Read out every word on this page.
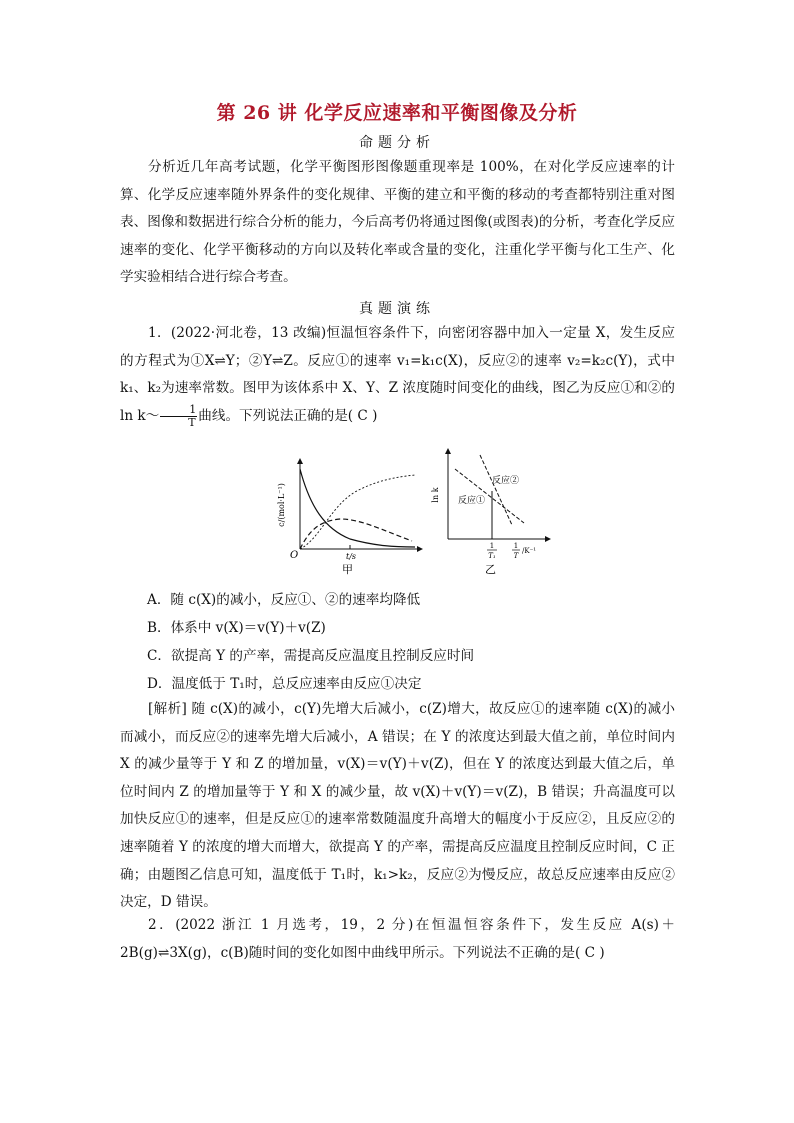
第 26 讲 化学反应速率和平衡图像及分析
命题分析
分析近几年高考试题，化学平衡图形图像题重现率是 100%，在对化学反应速率的计算、化学反应速率随外界条件的变化规律、平衡的建立和平衡的移动的考查都特别注重对图表、图像和数据进行综合分析的能力，今后高考仍将通过图像(或图表)的分析，考查化学反应速率的变化、化学平衡移动的方向以及转化率或含量的变化，注重化学平衡与化工生产、化学实验相结合进行综合考查。
真题演练
1．(2022·河北卷，13 改编)恒温恒容条件下，向密闭容器中加入一定量 X，发生反应的方程式为①X⇌Y；②Y⇌Z。反应①的速率 v₁=k₁c(X)，反应②的速率 v₂=k₂c(Y)，式中 k₁、k₂为速率常数。图甲为该体系中 X、Y、Z 浓度随时间变化的曲线，图乙为反应①和②的 ln k～ $\frac{1}{T}$ 曲线。下列说法正确的是( C )
c/(mol·L⁻¹)
O	t/s
甲
ln k
反应②
反应①
1
T₁
1
T
/K⁻¹
乙
A．随 c(X)的减小，反应①、②的速率均降低
B．体系中 v(X)＝v(Y)＋v(Z)
C．欲提高 Y 的产率，需提高反应温度且控制反应时间
D．温度低于 T₁时，总反应速率由反应①决定
[解析] 随 c(X)的减小，c(Y)先增大后减小，c(Z)增大，故反应①的速率随 c(X)的减小而减小，而反应②的速率先增大后减小，A 错误；在 Y 的浓度达到最大值之前，单位时间内 X 的减少量等于 Y 和 Z 的增加量，v(X)＝v(Y)＋v(Z)，但在 Y 的浓度达到最大值之后，单位时间内 Z 的增加量等于 Y 和 X 的减少量，故 v(X)＋v(Y)＝v(Z)，B 错误；升高温度可以加快反应①的速率，但是反应①的速率常数随温度升高增大的幅度小于反应②，且反应②的速率随着 Y 的浓度的增大而增大，欲提高 Y 的产率，需提高反应温度且控制反应时间，C 正确；由题图乙信息可知，温度低于 T₁时，k₁>k₂，反应②为慢反应，故总反应速率由反应②决定，D 错误。
2．(2022 浙江 1 月选考，19，2 分)在恒温恒容条件下，发生反应 A(s)＋2B(g)⇌3X(g)，c(B)随时间的变化如图中曲线甲所示。下列说法不正确的是( C )
